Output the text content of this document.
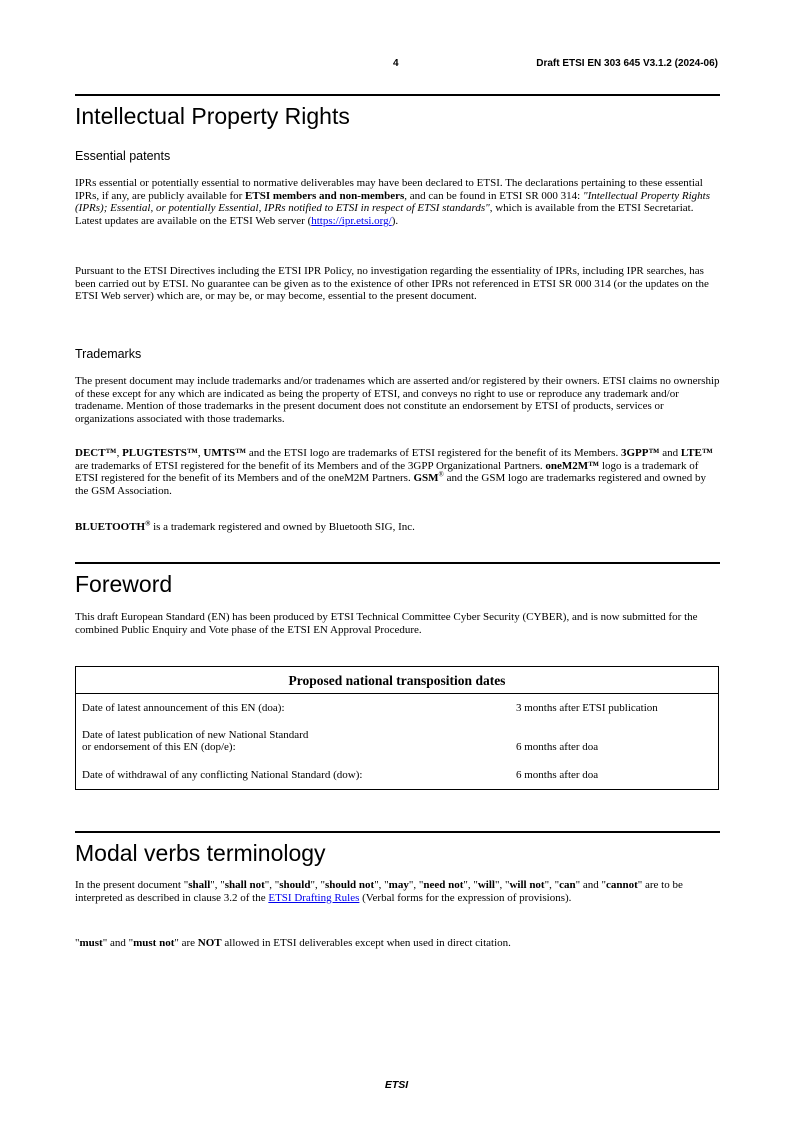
4	Draft ETSI EN 303 645 V3.1.2 (2024-06)
Intellectual Property Rights
Essential patents
IPRs essential or potentially essential to normative deliverables may have been declared to ETSI. The declarations pertaining to these essential IPRs, if any, are publicly available for ETSI members and non-members, and can be found in ETSI SR 000 314: "Intellectual Property Rights (IPRs); Essential, or potentially Essential, IPRs notified to ETSI in respect of ETSI standards", which is available from the ETSI Secretariat. Latest updates are available on the ETSI Web server (https://ipr.etsi.org/).
Pursuant to the ETSI Directives including the ETSI IPR Policy, no investigation regarding the essentiality of IPRs, including IPR searches, has been carried out by ETSI. No guarantee can be given as to the existence of other IPRs not referenced in ETSI SR 000 314 (or the updates on the ETSI Web server) which are, or may be, or may become, essential to the present document.
Trademarks
The present document may include trademarks and/or tradenames which are asserted and/or registered by their owners. ETSI claims no ownership of these except for any which are indicated as being the property of ETSI, and conveys no right to use or reproduce any trademark and/or tradename. Mention of those trademarks in the present document does not constitute an endorsement by ETSI of products, services or organizations associated with those trademarks.
DECT™, PLUGTESTS™, UMTS™ and the ETSI logo are trademarks of ETSI registered for the benefit of its Members. 3GPP™ and LTE™ are trademarks of ETSI registered for the benefit of its Members and of the 3GPP Organizational Partners. oneM2M™ logo is a trademark of ETSI registered for the benefit of its Members and of the oneM2M Partners. GSM® and the GSM logo are trademarks registered and owned by the GSM Association.
BLUETOOTH® is a trademark registered and owned by Bluetooth SIG, Inc.
Foreword
This draft European Standard (EN) has been produced by ETSI Technical Committee Cyber Security (CYBER), and is now submitted for the combined Public Enquiry and Vote phase of the ETSI EN Approval Procedure.
Proposed national transposition dates
Date of latest announcement of this EN (doa):	3 months after ETSI publication
Date of latest publication of new National Standard
or endorsement of this EN (dop/e):	6 months after doa
Date of withdrawal of any conflicting National Standard (dow):	6 months after doa
Modal verbs terminology
In the present document "shall", "shall not", "should", "should not", "may", "need not", "will", "will not", "can" and "cannot" are to be interpreted as described in clause 3.2 of the ETSI Drafting Rules (Verbal forms for the expression of provisions).
"must" and "must not" are NOT allowed in ETSI deliverables except when used in direct citation.
ETSI
